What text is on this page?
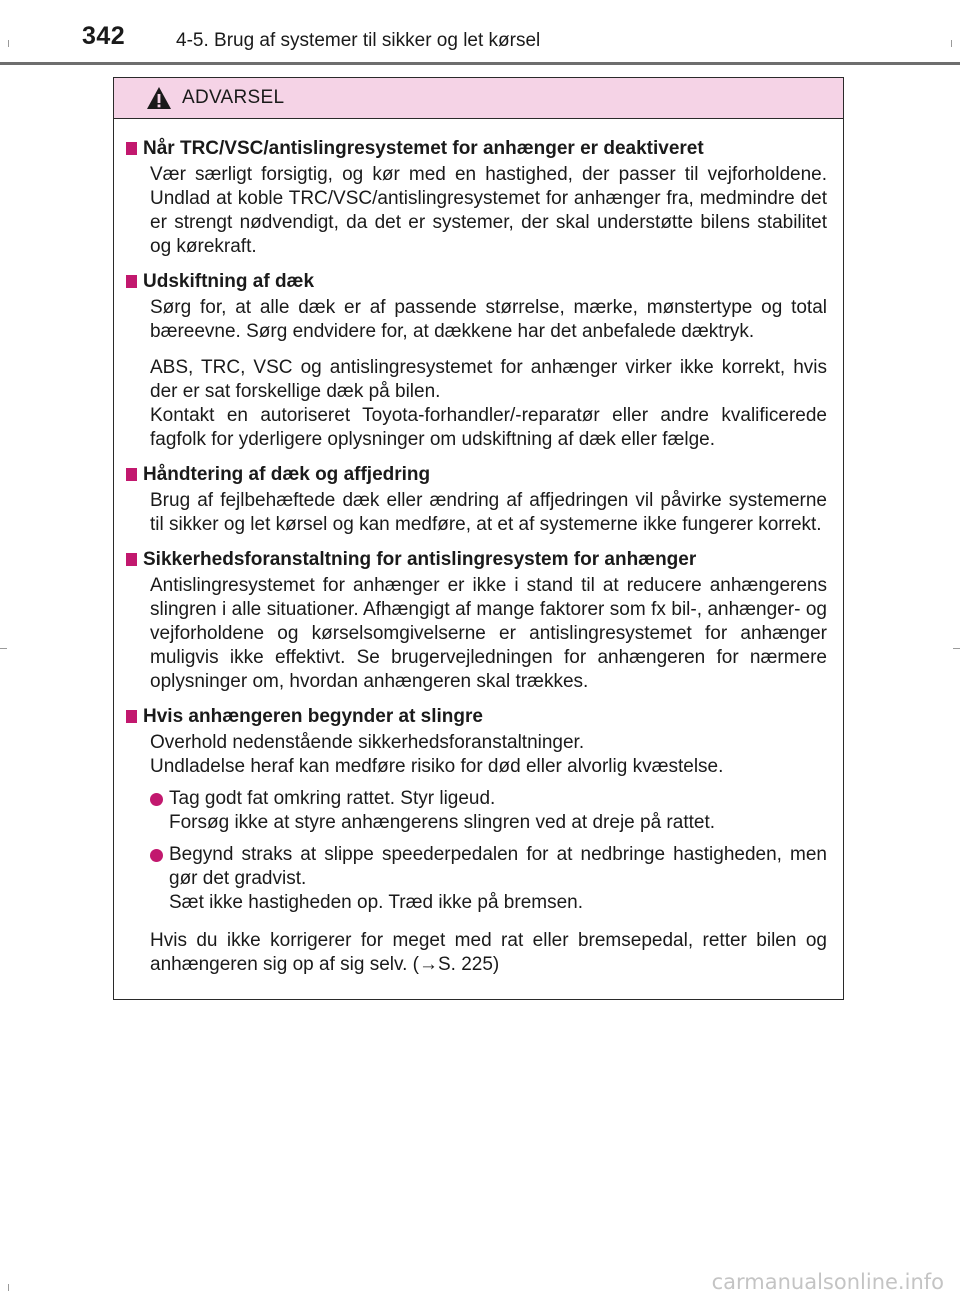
342	4-5. Brug af systemer til sikker og let kørsel
ADVARSEL
Når TRC/VSC/antislingresystemet for anhænger er deaktiveret
Vær særligt forsigtig, og kør med en hastighed, der passer til vejforholdene. Undlad at koble TRC/VSC/antislingresystemet for anhænger fra, medmindre det er strengt nødvendigt, da det er systemer, der skal understøtte bilens stabilitet og kørekraft.
Udskiftning af dæk
Sørg for, at alle dæk er af passende størrelse, mærke, mønstertype og total bæreevne. Sørg endvidere for, at dækkene har det anbefalede dæktryk.
ABS, TRC, VSC og antislingresystemet for anhænger virker ikke korrekt, hvis der er sat forskellige dæk på bilen.
Kontakt en autoriseret Toyota-forhandler/-reparatør eller andre kvalificerede fagfolk for yderligere oplysninger om udskiftning af dæk eller fælge.
Håndtering af dæk og affjedring
Brug af fejlbehæftede dæk eller ændring af affjedringen vil påvirke systemerne til sikker og let kørsel og kan medføre, at et af systemerne ikke fungerer korrekt.
Sikkerhedsforanstaltning for antislingresystem for anhænger
Antislingresystemet for anhænger er ikke i stand til at reducere anhængerens slingren i alle situationer. Afhængigt af mange faktorer som fx bil-, anhænger- og vejforholdene og kørselsomgivelserne er antislingresystemet for anhænger muligvis ikke effektivt. Se brugervejledningen for anhængeren for nærmere oplysninger om, hvordan anhængeren skal trækkes.
Hvis anhængeren begynder at slingre
Overhold nedenstående sikkerhedsforanstaltninger.
Undladelse heraf kan medføre risiko for død eller alvorlig kvæstelse.
Tag godt fat omkring rattet. Styr ligeud.
Forsøg ikke at styre anhængerens slingren ved at dreje på rattet.
Begynd straks at slippe speederpedalen for at nedbringe hastigheden, men gør det gradvist.
Sæt ikke hastigheden op. Træd ikke på bremsen.
Hvis du ikke korrigerer for meget med rat eller bremsepedal, retter bilen og anhængeren sig op af sig selv. (→S. 225)
carmanualsonline.info
